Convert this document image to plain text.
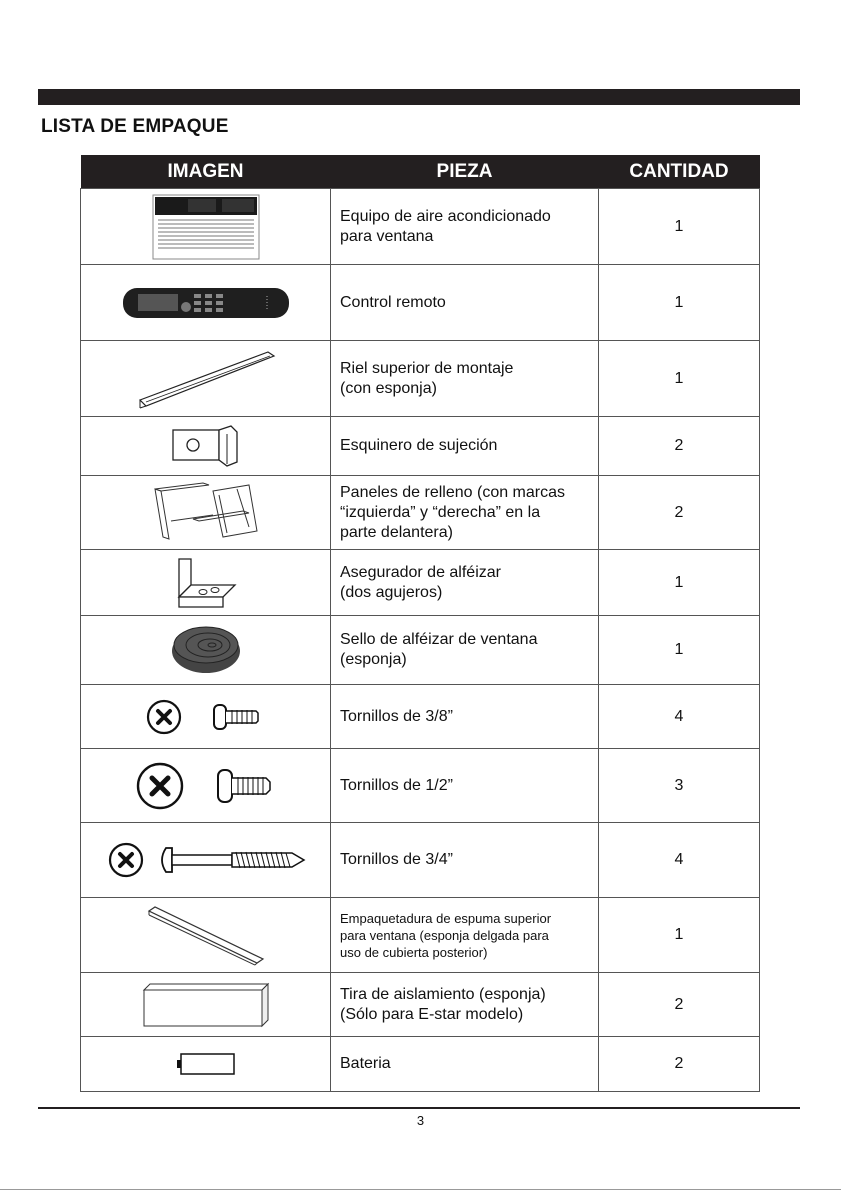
LISTA DE EMPAQUE
IMAGEN	PIEZA	CANTIDAD

	Equipo de aire acondicionado
para ventana	1

	Control remoto	1

	Riel superior de montaje
(con esponja)	1

	Esquinero de sujeción	2

	Paneles de relleno (con marcas
“izquierda” y “derecha” en la
parte delantera)	2

	Asegurador de alféizar
(dos agujeros)	1

	Sello de alféizar de ventana
(esponja)	1

	Tornillos de 3/8”	4

	Tornillos de 1/2”	3

	Tornillos de 3/4”	4

	Empaquetadura de espuma superior
para ventana (esponja delgada para
uso de cubierta posterior)	1

	Tira de aislamiento (esponja)
(Sólo para E-star modelo)	2

	Bateria	2
3
